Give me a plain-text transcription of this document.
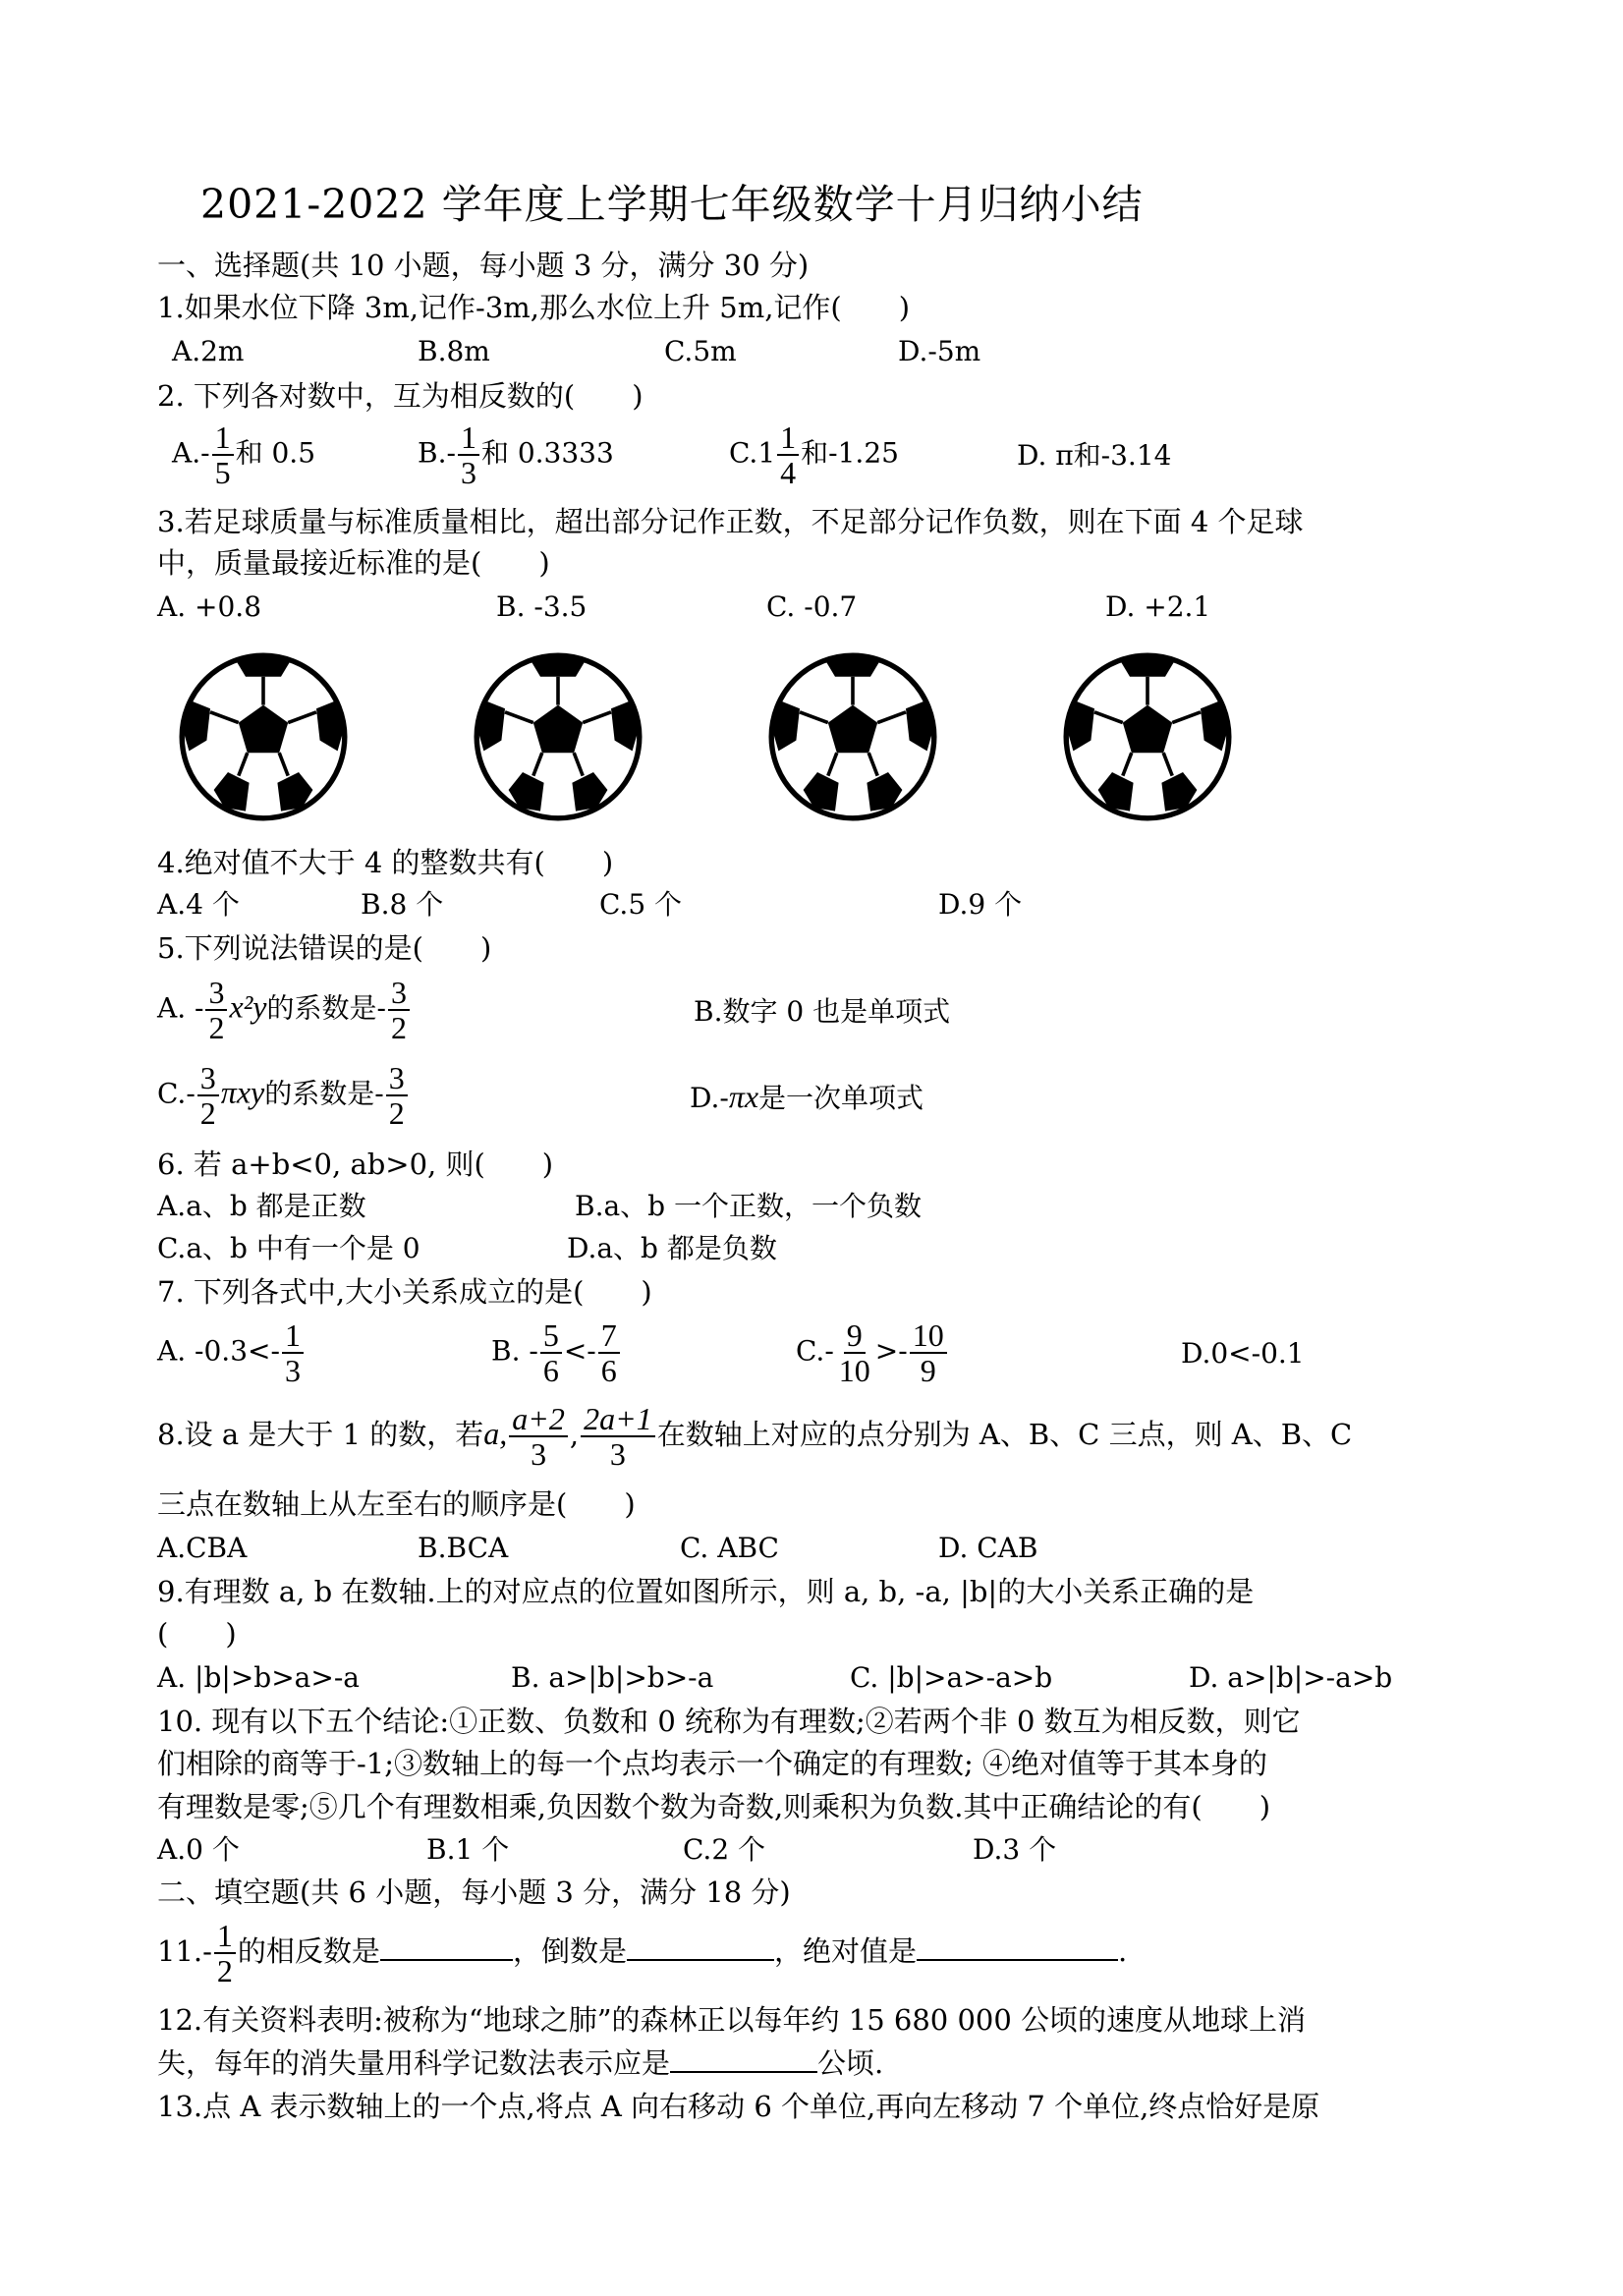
2021-2022 学年度上学期七年级数学十月归纳小结
一、选择题(共 10 小题，每小题 3 分，满分 30 分)
1.如果水位下降 3m,记作-3m,那么水位上升 5m,记作(　　)
A.2m	B.8m	C.5m	D.-5m
2. 下列各对数中，互为相反数的(　　)
$A.- \frac{1}{5}$ 和 0.5	$B.- \frac{1}{3}$ 和 0.3333	$C.1 \frac{1}{4}$ 和-1.25	D. π和-3.14
3.若足球质量与标准质量相比，超出部分记作正数，不足部分记作负数，则在下面 4 个足球
中，质量最接近标准的是(　　)
A. +0.8	B. -3.5	C. -0.7	D. +2.1
4.绝对值不大于 4 的整数共有(　　)
A.4 个	B.8 个	C.5 个	D.9 个
5.下列说法错误的是(　　)
A. - $\frac{3}{2} x^2y$的系数是- $\frac{3}{2}$	B.数字 0 也是单项式
$C.- \frac{3}{2}$ πxy的系数是- $\frac{3}{2}$	D.-πx是一次单项式
6. 若 a+b<0, ab>0, 则(　　)
A.a、b 都是正数	B.a、b 一个正数，一个负数
C.a、b 中有一个是 0	D.a、b 都是负数
7. 下列各式中,大小关系成立的是(　　)
A. $-0.3<- \frac{1}{3}$	B. - $\frac{5}{6} <- \frac{7}{6}$	$C.- \frac{9}{10} >- \frac{10}{9}$	D.0<-0.1
8.设 a 是大于 1 的数，若a, $\frac{a+2}{3}$ , $\frac{2a+1}{3}$ 在数轴上对应的点分别为 A、B、C 三点，则 A、B、C
三点在数轴上从左至右的顺序是(　　)
A.CBA	B.BCA	C. ABC	D. CAB
9.有理数 a, b 在数轴.上的对应点的位置如图所示，则 a, b, -a, |b|的大小关系正确的是
(　　)
A. |b|>b>a>-a	B. a>|b|>b>-a	C. |b|>a>-a>b	D. a>|b|>-a>b
10. 现有以下五个结论:①正数、负数和 0 统称为有理数;②若两个非 0 数互为相反数，则它
们相除的商等于-1;③数轴上的每一个点均表示一个确定的有理数; ④绝对值等于其本身的
有理数是零;⑤几个有理数相乘,负因数个数为奇数,则乘积为负数.其中正确结论的有(　　)
A.0 个	B.1 个	C.2 个	D.3 个
二、填空题(共 6 小题，每小题 3 分，满分 18 分)
$11.- \frac{1}{2}$ 的相反数是	，倒数是	，绝对值是	.
12.有关资料表明:被称为“地球之肺”的森林正以每年约 15 680 000 公顷的速度从地球上消
失，每年的消失量用科学记数法表示应是	公顷.
13.点 A 表示数轴上的一个点,将点 A 向右移动 6 个单位,再向左移动 7 个单位,终点恰好是原
